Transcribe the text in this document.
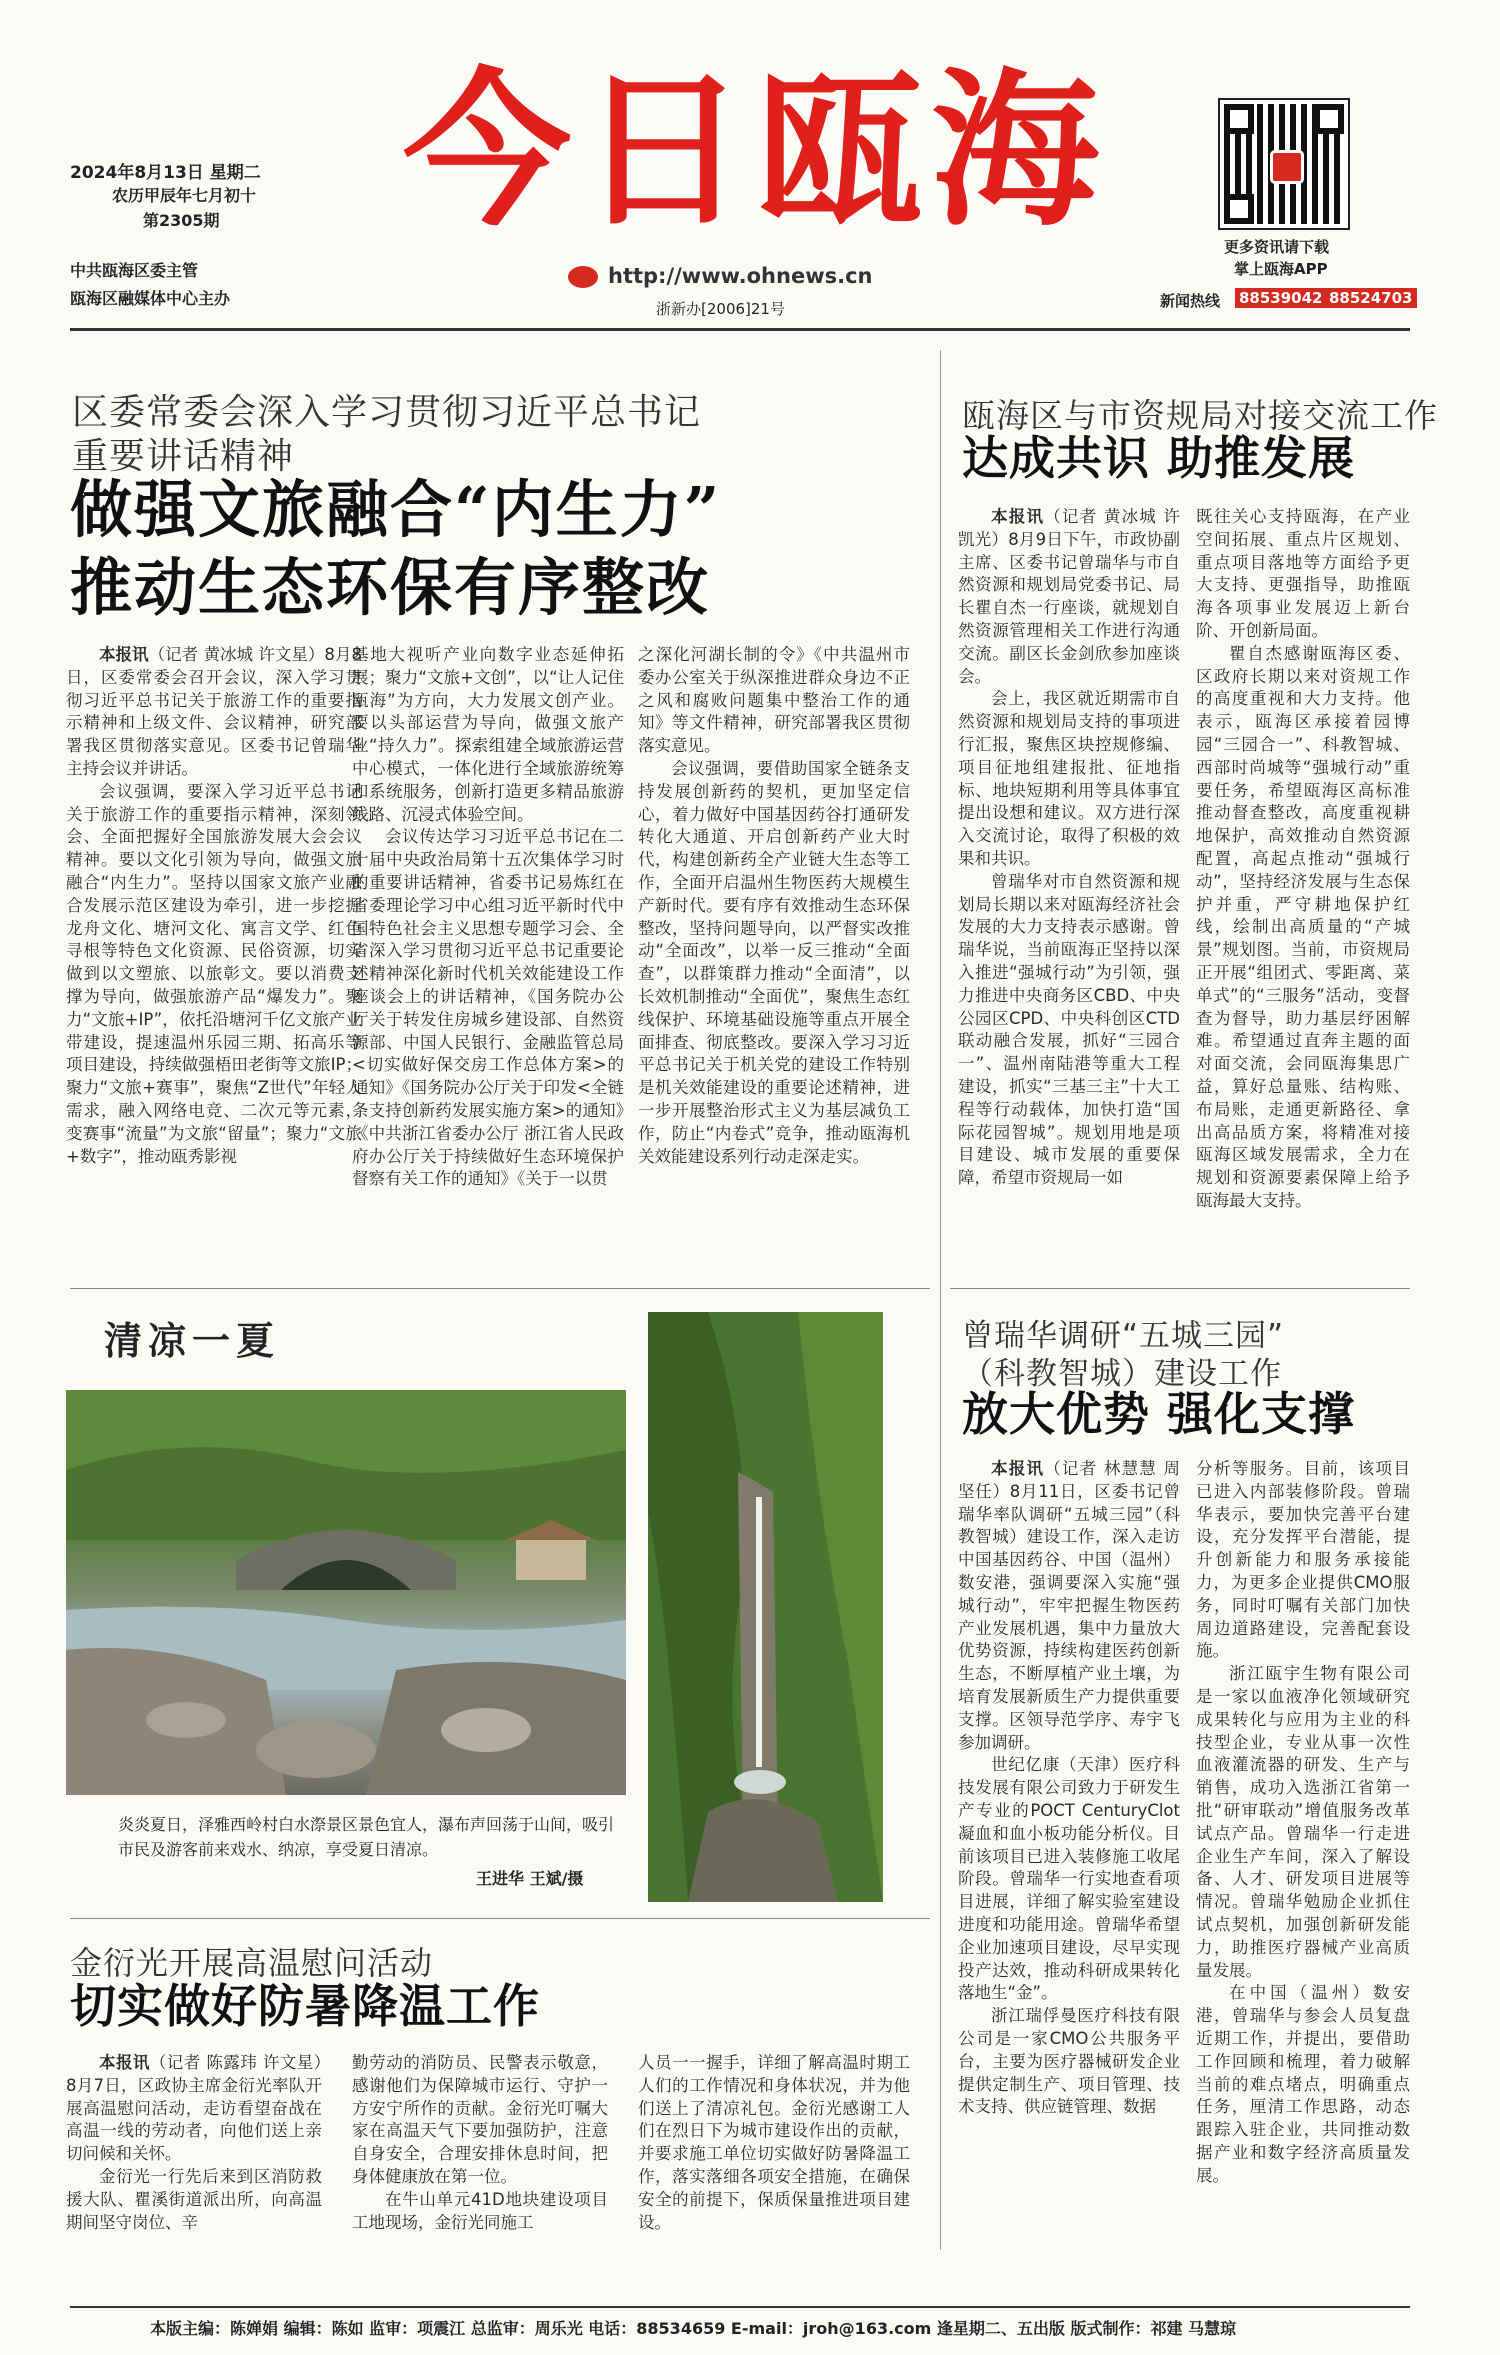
2024年8月13日 星期二
农历甲辰年七月初十
第2305期
中共瓯海区委主管
瓯海区融媒体中心主办
今日瓯海
http://www.ohnews.cn
浙新办[2006]21号
更多资讯请下载
掌上瓯海APP
新闻热线 88539042 88524703
区委常委会深入学习贯彻习近平总书记
重要讲话精神
做强文旅融合“内生力”
推动生态环保有序整改

本报讯（记者 黄冰城 许文星）8月8日，区委常委会召开会议，深入学习贯彻习近平总书记关于旅游工作的重要指示精神和上级文件、会议精神，研究部署我区贯彻落实意见。区委书记曾瑞华主持会议并讲话。

会议强调，要深入学习近平总书记关于旅游工作的重要指示精神，深刻领会、全面把握好全国旅游发展大会会议精神。要以文化引领为导向，做强文旅融合“内生力”。坚持以国家文旅产业融合发展示范区建设为牵引，进一步挖掘龙舟文化、塘河文化、寓言文学、红色寻根等特色文化资源、民俗资源，切实做到以文塑旅、以旅彰文。要以消费支撑为导向，做强旅游产品“爆发力”。聚力“文旅+IP”，依托沿塘河千亿文旅产业带建设，提速温州乐园三期、拓高乐等项目建设，持续做强梧田老街等文旅IP；聚力“文旅+赛事”，聚焦“Z世代”年轻人需求，融入网络电竞、二次元等元素，变赛事“流量”为文旅“留量”；聚力“文旅+数字”，推动瓯秀影视

基地大视听产业向数字业态延伸拓展；聚力“文旅+文创”，以“让人记住瓯海”为方向，大力发展文创产业。要以头部运营为导向，做强文旅产业“持久力”。探索组建全域旅游运营中心模式，一体化进行全域旅游统筹和系统服务，创新打造更多精品旅游线路、沉浸式体验空间。

会议传达学习习近平总书记在二十届中央政治局第十五次集体学习时的重要讲话精神，省委书记易炼红在省委理论学习中心组习近平新时代中国特色社会主义思想专题学习会、全省深入学习贯彻习近平总书记重要论述精神深化新时代机关效能建设工作座谈会上的讲话精神，《国务院办公厅关于转发住房城乡建设部、自然资源部、中国人民银行、金融监管总局<切实做好保交房工作总体方案>的通知》《国务院办公厅关于印发<全链条支持创新药发展实施方案>的通知》《中共浙江省委办公厅 浙江省人民政府办公厅关于持续做好生态环境保护督察有关工作的通知》《关于一以贯

之深化河湖长制的令》《中共温州市委办公室关于纵深推进群众身边不正之风和腐败问题集中整治工作的通知》等文件精神，研究部署我区贯彻落实意见。

会议强调，要借助国家全链条支持发展创新药的契机，更加坚定信心，着力做好中国基因药谷打通研发转化大通道、开启创新药产业大时代，构建创新药全产业链大生态等工作，全面开启温州生物医药大规模生产新时代。要有序有效推动生态环保整改，坚持问题导向，以严督实改推动“全面改”，以举一反三推动“全面查”，以群策群力推动“全面清”，以长效机制推动“全面优”，聚焦生态红线保护、环境基础设施等重点开展全面排查、彻底整改。要深入学习习近平总书记关于机关党的建设工作特别是机关效能建设的重要论述精神，进一步开展整治形式主义为基层减负工作，防止“内卷式”竞争，推动瓯海机关效能建设系列行动走深走实。

瓯海区与市资规局对接交流工作
达成共识 助推发展

本报讯（记者 黄冰城 许凯光）8月9日下午，市政协副主席、区委书记曾瑞华与市自然资源和规划局党委书记、局长瞿自杰一行座谈，就规划自然资源管理相关工作进行沟通交流。副区长金剑欣参加座谈会。

会上，我区就近期需市自然资源和规划局支持的事项进行汇报，聚焦区块控规修编、项目征地组建报批、征地指标、地块短期利用等具体事宜提出设想和建议。双方进行深入交流讨论，取得了积极的效果和共识。

曾瑞华对市自然资源和规划局长期以来对瓯海经济社会发展的大力支持表示感谢。曾瑞华说，当前瓯海正坚持以深入推进“强城行动”为引领，强力推进中央商务区CBD、中央公园区CPD、中央科创区CTD联动融合发展，抓好“三园合一”、温州南陆港等重大工程建设，抓实“三基三主”十大工程等行动载体，加快打造“国际花园智城”。规划用地是项目建设、城市发展的重要保障，希望市资规局一如

既往关心支持瓯海，在产业空间拓展、重点片区规划、重点项目落地等方面给予更大支持、更强指导，助推瓯海各项事业发展迈上新台阶、开创新局面。

瞿自杰感谢瓯海区委、区政府长期以来对资规工作的高度重视和大力支持。他表示，瓯海区承接着园博园“三园合一”、科教智城、西部时尚城等“强城行动”重要任务，希望瓯海区高标准推动督查整改，高度重视耕地保护，高效推动自然资源配置，高起点推动“强城行动”，坚持经济发展与生态保护并重，严守耕地保护红线，绘制出高质量的“产城景”规划图。当前，市资规局正开展“组团式、零距离、菜单式”的“三服务”活动，变督查为督导，助力基层纾困解难。希望通过直奔主题的面对面交流，会同瓯海集思广益，算好总量账、结构账、布局账，走通更新路径、拿出高品质方案，将精准对接瓯海区域发展需求，全力在规划和资源要素保障上给予瓯海最大支持。

清凉一夏
炎炎夏日，泽雅西岭村白水漈景区景色宜人，瀑布声回荡于山间，吸引市民及游客前来戏水、纳凉，享受夏日清凉。
王进华 王斌/摄
金衍光开展高温慰问活动
切实做好防暑降温工作

本报讯（记者 陈露玮 许文星）8月7日，区政协主席金衍光率队开展高温慰问活动，走访看望奋战在高温一线的劳动者，向他们送上亲切问候和关怀。

金衍光一行先后来到区消防救援大队、瞿溪街道派出所，向高温期间坚守岗位、辛

勤劳动的消防员、民警表示敬意，感谢他们为保障城市运行、守护一方安宁所作的贡献。金衍光叮嘱大家在高温天气下要加强防护，注意自身安全，合理安排休息时间，把身体健康放在第一位。

在牛山单元41D地块建设项目工地现场，金衍光同施工

人员一一握手，详细了解高温时期工人们的工作情况和身体状况，并为他们送上了清凉礼包。金衍光感谢工人们在烈日下为城市建设作出的贡献，并要求施工单位切实做好防暑降温工作，落实落细各项安全措施，在确保安全的前提下，保质保量推进项目建设。

曾瑞华调研“五城三园”
（科教智城）建设工作
放大优势 强化支撑

本报讯（记者 林慧慧 周坚任）8月11日，区委书记曾瑞华率队调研“五城三园”（科教智城）建设工作，深入走访中国基因药谷、中国（温州）数安港，强调要深入实施“强城行动”，牢牢把握生物医药产业发展机遇，集中力量放大优势资源，持续构建医药创新生态，不断厚植产业土壤，为培育发展新质生产力提供重要支撑。区领导范学序、寿宇飞参加调研。

世纪亿康（天津）医疗科技发展有限公司致力于研发生产专业的POCT CenturyClot凝血和血小板功能分析仪。目前该项目已进入装修施工收尾阶段。曾瑞华一行实地查看项目进展，详细了解实验室建设进度和功能用途。曾瑞华希望企业加速项目建设，尽早实现投产达效，推动科研成果转化落地生“金”。

浙江瑞俘曼医疗科技有限公司是一家CMO公共服务平台，主要为医疗器械研发企业提供定制生产、项目管理、技术支持、供应链管理、数据

分析等服务。目前，该项目已进入内部装修阶段。曾瑞华表示，要加快完善平台建设，充分发挥平台潜能，提升创新能力和服务承接能力，为更多企业提供CMO服务，同时叮嘱有关部门加快周边道路建设，完善配套设施。

浙江瓯宇生物有限公司是一家以血液净化领域研究成果转化与应用为主业的科技型企业，专业从事一次性血液灌流器的研发、生产与销售，成功入选浙江省第一批“研审联动”增值服务改革试点产品。曾瑞华一行走进企业生产车间，深入了解设备、人才、研发项目进展等情况。曾瑞华勉励企业抓住试点契机，加强创新研发能力，助推医疗器械产业高质量发展。

在中国（温州）数安港，曾瑞华与参会人员复盘近期工作，并提出，要借助工作回顾和梳理，着力破解当前的难点堵点，明确重点任务，厘清工作思路，动态跟踪入驻企业，共同推动数据产业和数字经济高质量发展。

本版主编：陈婵娟 编辑：陈如 监审：项震江 总监审：周乐光 电话：88534659 E-mail：jroh@163.com 逢星期二、五出版 版式制作：祁建 马慧琼
